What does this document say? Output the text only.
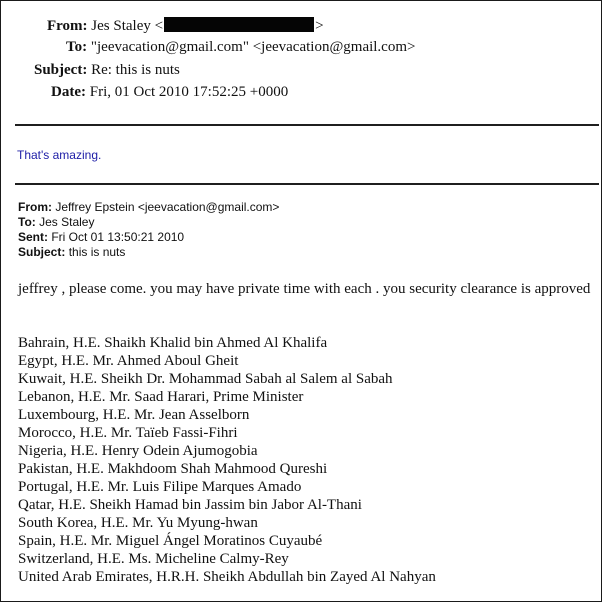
From: Jes Staley <	>
To: "jeevacation@gmail.com" <jeevacation@gmail.com>
Subject: Re: this is nuts
Date: Fri, 01 Oct 2010 17:52:25 +0000
That's amazing.
From: Jeffrey Epstein <jeevacation@gmail.com>
To: Jes Staley
Sent: Fri Oct 01 13:50:21 2010
Subject: this is nuts
jeffrey , please come. you may have private time with each . you security clearance is approved
Bahrain, H.E. Shaikh Khalid bin Ahmed Al Khalifa
Egypt, H.E. Mr. Ahmed Aboul Gheit
Kuwait, H.E. Sheikh Dr. Mohammad Sabah al Salem al Sabah
Lebanon, H.E. Mr. Saad Harari, Prime Minister
Luxembourg, H.E. Mr. Jean Asselborn
Morocco, H.E. Mr. Taïeb Fassi-Fihri
Nigeria, H.E. Henry Odein Ajumogobia
Pakistan, H.E. Makhdoom Shah Mahmood Qureshi
Portugal, H.E. Mr. Luis Filipe Marques Amado
Qatar, H.E. Sheikh Hamad bin Jassim bin Jabor Al-Thani
South Korea, H.E. Mr. Yu Myung-hwan
Spain, H.E. Mr. Miguel Ángel Moratinos Cuyaubé
Switzerland, H.E. Ms. Micheline Calmy-Rey
United Arab Emirates, H.R.H. Sheikh Abdullah bin Zayed Al Nahyan
